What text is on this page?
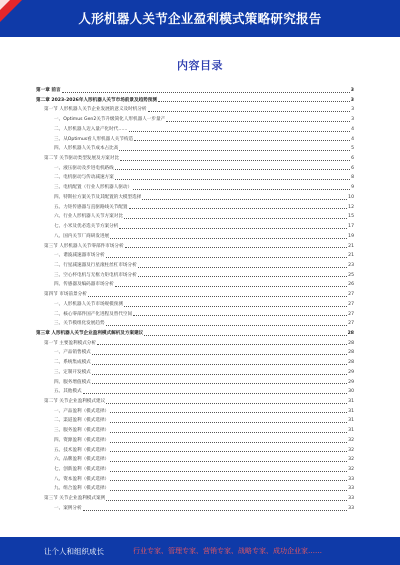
人形机器人关节企业盈利模式策略研究报告
内容目录
第一章 前言	3
第二章 2023-2026年人形机器人关节市场前景及趋势预测	3
第一节 人形机器人关节企业发展的意义及时机分析	3
一、Optimus Gen2关节升级简化人形机器人一步量产	3
二、人形机器人迈入量产化时代……	4
三、从Optimus看人形机器人关节构造	4
四、人形机器人关节成本占比高	5
第二节 关节驱动类型发展及方案对比	6
一、液压驱动及步进电机路线	6
二、电机驱动与传动减速方案	8
三、电机配置（行业人形机器人驱动）	9
四、特斯拉方案关节及其配置的大模型选择	10
五、力矩传感器与直驱路线关节配置	12
六、行业人形机器人关节方案对比	15
七、小米及优必选关节方案分析	17
八、国内关节厂商研发进展	19
第三节 人形机器人关节零部件市场分析	21
一、谐波减速器市场分析	21
二、行星减速器及行星滚柱丝杠市场分析	23
三、空心杯电机与无框力矩电机市场分析	25
四、传感器及编码器市场分析	26
第四节 市场前景分析	27
一、人形机器人关节市场规模预测	27
二、核心零部件国产化进程及替代空间	27
三、关节模组化发展趋势	27
第三章 人形机器人关节企业盈利模式解析及方案建议	28
第一节 主要盈利模式分析	28
一、产品销售模式	28
二、系统集成模式	28
三、定制开发模式	29
四、服务增值模式	29
五、其他模式	30
第二节 关节企业盈利模式建议	31
一、产品盈利（模式选择）	31
二、渠道盈利（模式选择）	31
三、服务盈利（模式选择）	31
四、资源盈利（模式选择）	32
五、技术盈利（模式选择）	32
六、品牌盈利（模式选择）	32
七、创新盈利（模式选择）	32
八、资本盈利（模式选择）	33
九、组合盈利（模式选择）	33
第三节 关节企业盈利模式案例	33
一、案例分析	33
让个人和组织成长	行业专家、管理专家、营销专家、战略专家、成功企业家……
